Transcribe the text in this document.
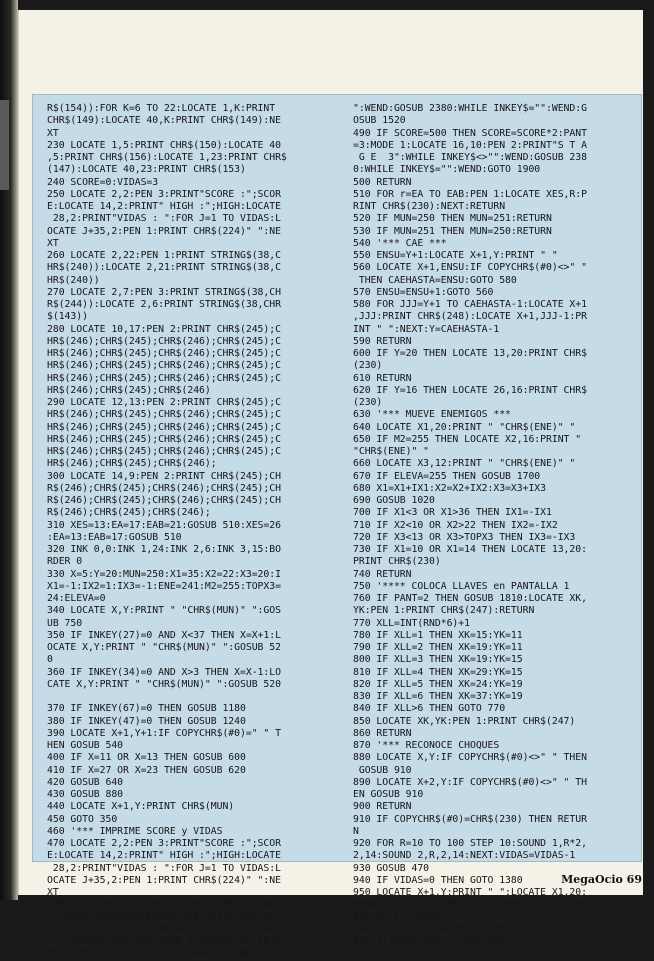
R$(154)):FOR K=6 TO 22:LOCATE 1,K:PRINT
CHR$(149):LOCATE 40,K:PRINT CHR$(149):NE
XT
230 LOCATE 1,5:PRINT CHR$(150):LOCATE 40
,5:PRINT CHR$(156):LOCATE 1,23:PRINT CHR$
(147):LOCATE 40,23:PRINT CHR$(153)
240 SCORE=0:VIDAS=3
250 LOCATE 2,2:PEN 3:PRINT"SCORE :";SCOR
E:LOCATE 14,2:PRINT" HIGH :";HIGH:LOCATE
28,2:PRINT"VIDAS : ":FOR J=1 TO VIDAS:L
OCATE J+35,2:PEN 1:PRINT CHR$(224)" ":NE
XT
260 LOCATE 2,22:PEN 1:PRINT STRING$(38,C
HR$(240)):LOCATE 2,21:PRINT STRING$(38,C
HR$(240))
270 LOCATE 2,7:PEN 3:PRINT STRING$(38,CH
R$(244)):LOCATE 2,6:PRINT STRING$(38,CHR
$(143))
280 LOCATE 10,17:PEN 2:PRINT CHR$(245);C
HR$(246);CHR$(245);CHR$(246);CHR$(245);C
HR$(246);CHR$(245);CHR$(246);CHR$(245);C
HR$(246);CHR$(245);CHR$(246);CHR$(245);C
HR$(246);CHR$(245);CHR$(246);CHR$(245);C
HR$(246);CHR$(245);CHR$(246)
290 LOCATE 12,13:PEN 2:PRINT CHR$(245);C
HR$(246);CHR$(245);CHR$(246);CHR$(245);C
HR$(246);CHR$(245);CHR$(246);CHR$(245);C
HR$(246);CHR$(245);CHR$(246);CHR$(245);C
HR$(246);CHR$(245);CHR$(246);CHR$(245);C
HR$(246);CHR$(245);CHR$(246);
300 LOCATE 14,9:PEN 2:PRINT CHR$(245);CH
R$(246);CHR$(245);CHR$(246);CHR$(245);CH
R$(246);CHR$(245);CHR$(246);CHR$(245);CH
R$(246);CHR$(245);CHR$(246);
310 XES=13:EA=17:EAB=21:GOSUB 510:XES=26
:EA=13:EAB=17:GOSUB 510
320 INK 0,0:INK 1,24:INK 2,6:INK 3,15:BO
RDER 0
330 X=5:Y=20:MUN=250:X1=35:X2=22:X3=20:I
X1=-1:IX2=1:IX3=-1:ENE=241:M2=255:TOPX3=
24:ELEVA=0
340 LOCATE X,Y:PRINT " "CHR$(MUN)" ":GOS
UB 750
350 IF INKEY(27)=0 AND X<37 THEN X=X+1:L
OCATE X,Y:PRINT " "CHR$(MUN)" ":GOSUB 52
0
360 IF INKEY(34)=0 AND X>3 THEN X=X-1:LO
CATE X,Y:PRINT " "CHR$(MUN)" ":GOSUB 520
370 IF INKEY(67)=0 THEN GOSUB 1180
380 IF INKEY(47)=0 THEN GOSUB 1240
390 LOCATE X+1,Y+1:IF COPYCHR$(#0)=" " T
HEN GOSUB 540
400 IF X=11 OR X=13 THEN GOSUB 600
410 IF X=27 OR X=23 THEN GOSUB 620
420 GOSUB 640
430 GOSUB 880
440 LOCATE X+1,Y:PRINT CHR$(MUN)
450 GOTO 350
460 '*** IMPRIME SCORE y VIDAS
470 LOCATE 2,2:PEN 3:PRINT"SCORE :";SCOR
E:LOCATE 14,2:PRINT" HIGH :";HIGH:LOCATE
28,2:PRINT"VIDAS : ":FOR J=1 TO VIDAS:L
OCATE J+35,2:PEN 1:PRINT CHR$(224)" ":NE
XT
480 IF SCORE=150 THEN SCORE=SCORE*2:PANT
=2:M2=0:TOPX3=36:ELEVA=255:TI1=4:TD1=12:
TI2=15:TD2=24:SA1=240:XA1=10:XA2=16:IXA1
=-1:IXA2=1:SA2=240:MODE 1:LOCATE 16,10:P
EN 2:PRINT"S T A G E  2":WHILE INKEY$<>"
":WEND:GOSUB 2380:WHILE INKEY$="":WEND:G
OSUB 1520
490 IF SCORE=500 THEN SCORE=SCORE*2:PANT
=3:MODE 1:LOCATE 16,10:PEN 2:PRINT"S T A
G E  3":WHILE INKEY$<>"":WEND:GOSUB 238
0:WHILE INKEY$="":WEND:GOTO 1900
500 RETURN
510 FOR r=EA TO EAB:PEN 1:LOCATE XES,R:P
RINT CHR$(230):NEXT:RETURN
520 IF MUN=250 THEN MUN=251:RETURN
530 IF MUN=251 THEN MUN=250:RETURN
540 '*** CAE ***
550 ENSU=Y+1:LOCATE X+1,Y:PRINT " "
560 LOCATE X+1,ENSU:IF COPYCHR$(#0)<>" "
THEN CAEHASTA=ENSU:GOTO 580
570 ENSU=ENSU+1:GOTO 560
580 FOR JJJ=Y+1 TO CAEHASTA-1:LOCATE X+1
,JJJ:PRINT CHR$(248):LOCATE X+1,JJJ-1:PR
INT " ":NEXT:Y=CAEHASTA-1
590 RETURN
600 IF Y=20 THEN LOCATE 13,20:PRINT CHR$
(230)
610 RETURN
620 IF Y=16 THEN LOCATE 26,16:PRINT CHR$
(230)
630 '*** MUEVE ENEMIGOS ***
640 LOCATE X1,20:PRINT " "CHR$(ENE)" "
650 IF M2=255 THEN LOCATE X2,16:PRINT "
"CHR$(ENE)" "
660 LOCATE X3,12:PRINT " "CHR$(ENE)" "
670 IF ELEVA=255 THEN GOSUB 1700
680 X1=X1+IX1:X2=X2+IX2:X3=X3+IX3
690 GOSUB 1020
700 IF X1<3 OR X1>36 THEN IX1=-IX1
710 IF X2<10 OR X2>22 THEN IX2=-IX2
720 IF X3<13 OR X3>TOPX3 THEN IX3=-IX3
730 IF X1=10 OR X1=14 THEN LOCATE 13,20:
PRINT CHR$(230)
740 RETURN
750 '**** COLOCA LLAVES en PANTALLA 1
760 IF PANT=2 THEN GOSUB 1810:LOCATE XK,
YK:PEN 1:PRINT CHR$(247):RETURN
770 XLL=INT(RND*6)+1
780 IF XLL=1 THEN XK=15:YK=11
790 IF XLL=2 THEN XK=19:YK=11
800 IF XLL=3 THEN XK=19:YK=15
810 IF XLL=4 THEN XK=29:YK=15
820 IF XLL=5 THEN XK=24:YK=19
830 IF XLL=6 THEN XK=37:YK=19
840 IF XLL>6 THEN GOTO 770
850 LOCATE XK,YK:PEN 1:PRINT CHR$(247)
860 RETURN
870 '*** RECONOCE CHOQUES
880 LOCATE X,Y:IF COPYCHR$(#0)<>" " THEN
GOSUB 910
890 LOCATE X+2,Y:IF COPYCHR$(#0)<>" " TH
EN GOSUB 910
900 RETURN
910 IF COPYCHR$(#0)=CHR$(230) THEN RETUR
N
920 FOR R=10 TO 100 STEP 10:SOUND 1,R*2,
2,14:SOUND 2,R,2,14:NEXT:VIDAS=VIDAS-1
930 GOSUB 470
940 IF VIDAS=0 THEN GOTO 1380
950 LOCATE X+1,Y:PRINT " ":LOCATE X1,20:
PRINT "   ":LOCATE X2,16:PRINT "   ":LOC
ATE X3,12:PRINT "   "
960 X=5:Y=20:MUN=250:X1=35:X2=22:X3=20:I
X1=-1:IX2=1:IX3=-1:ENE=241
MegaOcio 69
